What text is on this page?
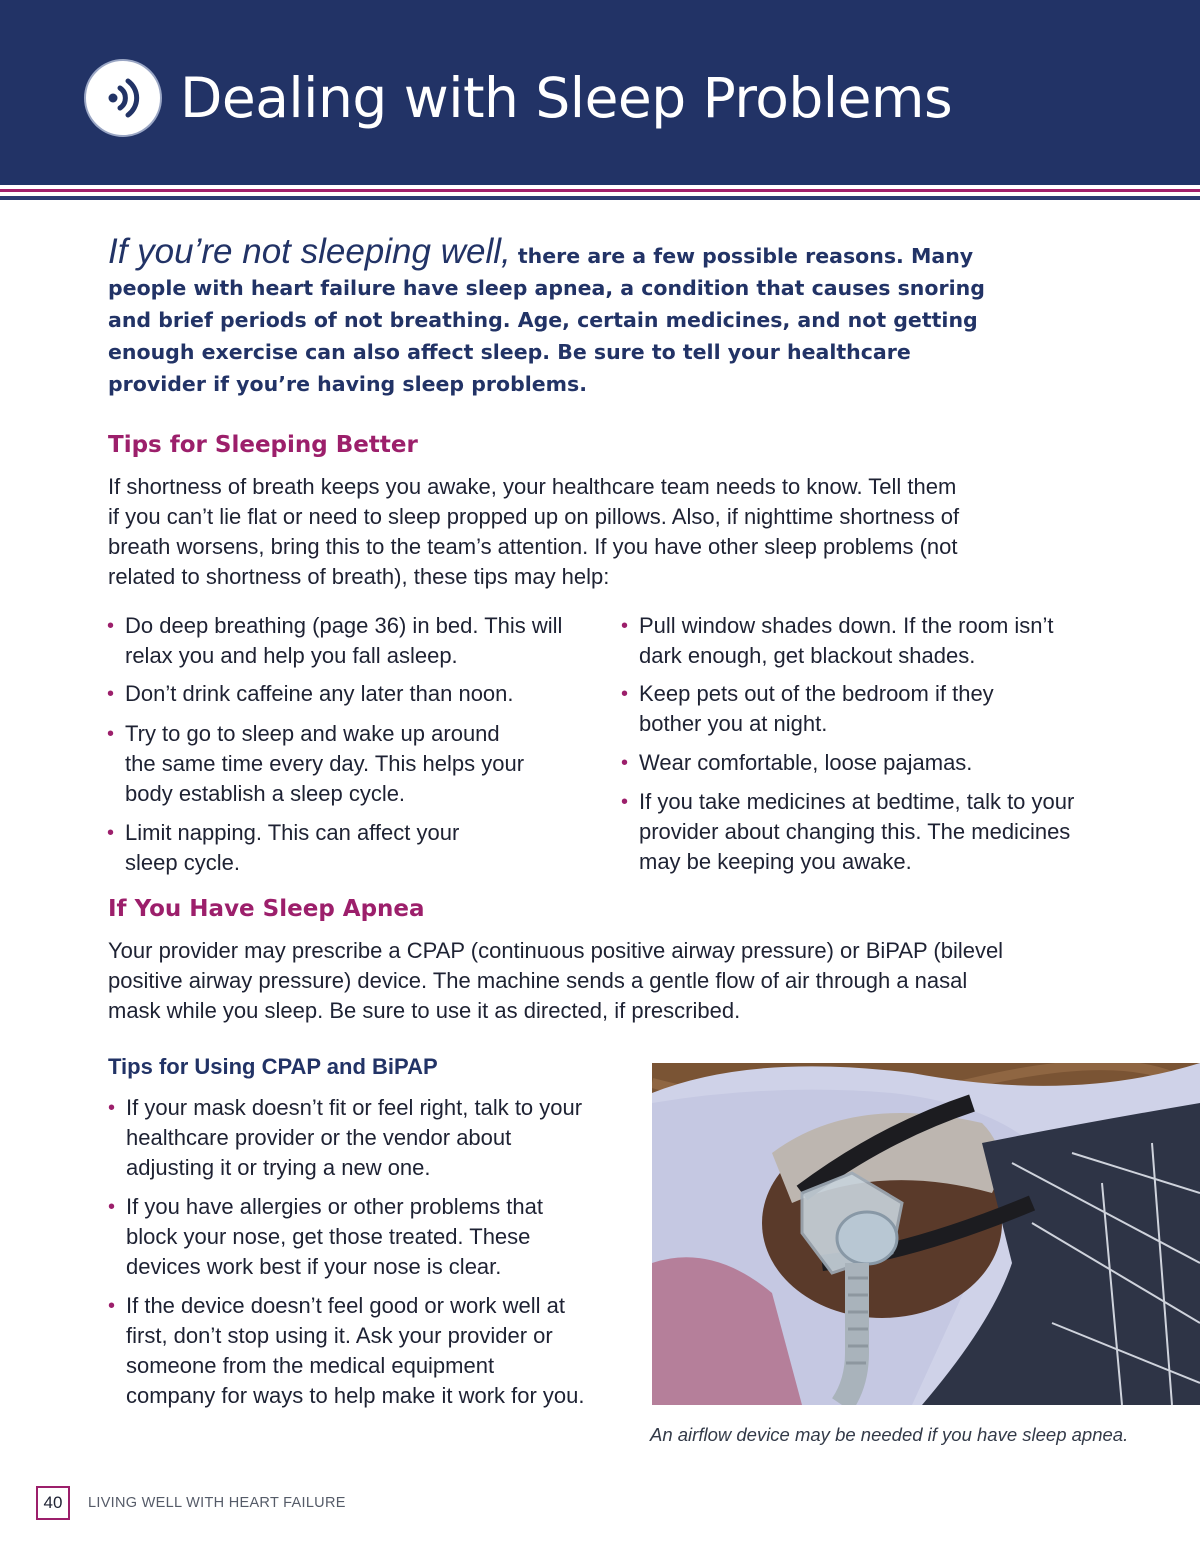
Dealing with Sleep Problems

If you’re not sleeping well, there are a few possible reasons. Many people with heart failure have sleep apnea, a condition that causes snoring and brief periods of not breathing. Age, certain medicines, and not getting enough exercise can also affect sleep. Be sure to tell your healthcare provider if you’re having sleep problems.

Tips for Sleeping Better

If shortness of breath keeps you awake, your healthcare team needs to know. Tell them if you can’t lie flat or need to sleep propped up on pillows. Also, if nighttime shortness of breath worsens, bring this to the team’s attention. If you have other sleep problems (not related to shortness of breath), these tips may help:

• Do deep breathing (page 36) in bed. This will relax you and help you fall asleep.
• Don’t drink caffeine any later than noon.
• Try to go to sleep and wake up around the same time every day. This helps your body establish a sleep cycle.
• Limit napping. This can affect your sleep cycle.
• Pull window shades down. If the room isn’t dark enough, get blackout shades.
• Keep pets out of the bedroom if they bother you at night.
• Wear comfortable, loose pajamas.
• If you take medicines at bedtime, talk to your provider about changing this. The medicines may be keeping you awake.
If You Have Sleep Apnea

Your provider may prescribe a CPAP (continuous positive airway pressure) or BiPAP (bilevel positive airway pressure) device. The machine sends a gentle flow of air through a nasal mask while you sleep. Be sure to use it as directed, if prescribed.

Tips for Using CPAP and BiPAP
• If your mask doesn’t fit or feel right, talk to your healthcare provider or the vendor about adjusting it or trying a new one.
• If you have allergies or other problems that block your nose, get those treated. These devices work best if your nose is clear.
• If the device doesn’t feel good or work well at first, don’t stop using it. Ask your provider or someone from the medical equipment company for ways to help make it work for you.

An airflow device may be needed if you have sleep apnea.

40	LIVING WELL WITH HEART FAILURE
